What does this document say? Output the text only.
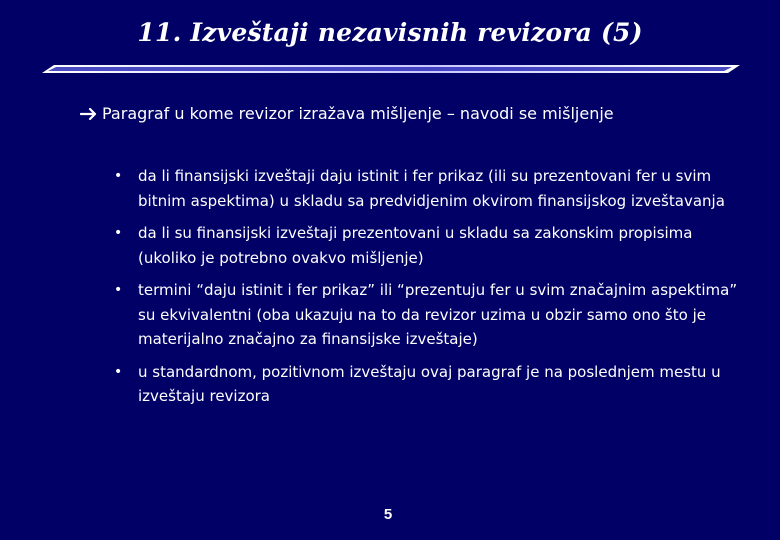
11. Izveštaji nezavisnih revizora (5)
Paragraf u kome revizor izražava mišljenje – navodi se mišljenje
• da li finansijski izveštaji daju istinit i fer prikaz (ili su prezentovani fer u svim bitnim aspektima) u skladu sa predvidjenim okvirom finansijskog izveštavanja
• da li su finansijski izveštaji prezentovani u skladu sa zakonskim propisima (ukoliko je potrebno ovakvo mišljenje)
• termini “daju istinit i fer prikaz” ili “prezentuju fer u svim značajnim aspektima” su ekvivalentni (oba ukazuju na to da revizor uzima u obzir samo ono što je materijalno značajno za finansijske izveštaje)
• u standardnom, pozitivnom izveštaju ovaj paragraf je na poslednjem mestu u izveštaju revizora
5
